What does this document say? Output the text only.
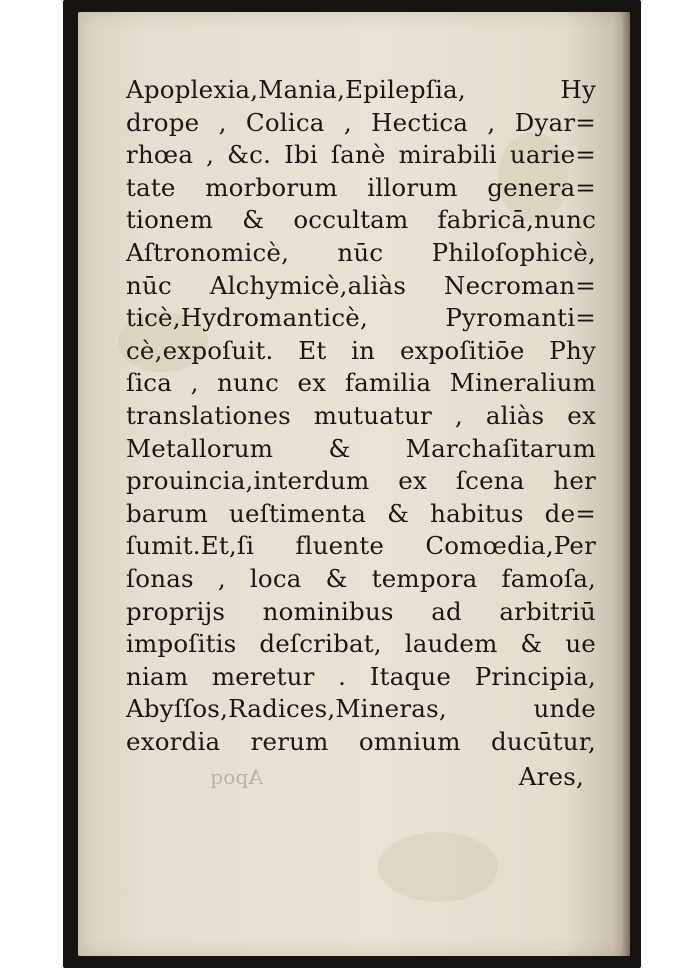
Apoplexia,Mania,Epilepſia, Hy
drope , Colica , Hectica , Dyar=
rhœa , &c. Ibi ſanè mirabili uarie=
tate morborum illorum genera=
tionem & occultam fabricā,nunc
Aſtronomicè, nūc Philoſophicè,
nūc Alchymicè,aliàs Necroman=
ticè,Hydromanticè, Pyromanti=
cè,expoſuit. Et in expoſitiōe Phy
ſica , nunc ex familia Mineralium
translationes mutuatur , aliàs ex
Metallorum & Marchaſitarum
prouincia,interdum ex ſcena her
barum ueſtimenta & habitus de=
ſumit.Et,ſi fluente Comœdia,Per
ſonas , loca & tempora famoſa,
proprijs nominibus ad arbitriū
impoſitis deſcribat, laudem & ue
niam meretur . Itaque Principia,
Abyſſos,Radices,Mineras, unde
exordia rerum omnium ducūtur,
Apoq	Ares,
